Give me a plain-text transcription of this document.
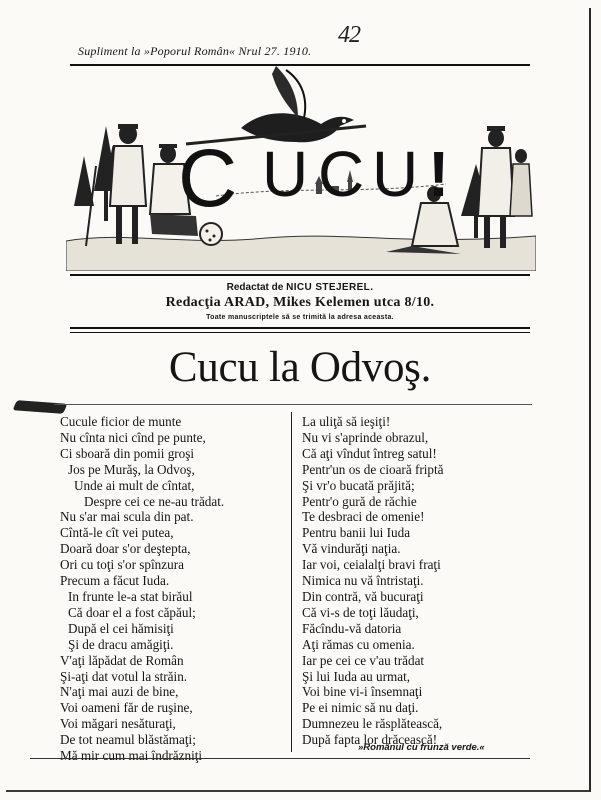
Supliment la »Poporul Român« Nrul 27. 1910.
42
C U C U !
Redactat de NICU STEJEREL.
Redacţia ARAD, Mikes Kelemen utca 8/10.
Toate manuscriptele să se trimită la adresa aceasta.
Cucu la Odvoş.
Cucule ficior de munte
Nu cînta nici cînd pe punte,
Ci sboară din pomii groşi
Jos pe Murăş, la Odvoş,
Unde ai mult de cîntat,
Despre cei ce ne-au trădat.
Nu s'ar mai scula din pat.
Cîntă-le cît vei putea,
Doară doar s'or deştepta,
Ori cu toţi s'or spînzura
Precum a făcut Iuda.
In frunte le-a stat birăul
Că doar el a fost căpăul;
După el cei hămisiţi
Şi de dracu amăgiţi.
V'aţi lăpădat de Român
Şi-aţi dat votul la străin.
N'aţi mai auzi de bine,
Voi oameni făr de ruşine,
Voi măgari nesăturaţi,
De tot neamul blăstămaţi;
Mă mir cum mai îndrăzniţi
La uliţă să ieşiţi!
Nu vi s'aprinde obrazul,
Că aţi vîndut întreg satul!
Pentr'un os de cioară friptă
Şi vr'o bucată prăjită;
Pentr'o gură de răchie
Te desbraci de omenie!
Pentru banii lui Iuda
Vă vindurăţi naţia.
Iar voi, ceialalţi bravi fraţi
Nimica nu vă întristaţi.
Din contră, vă bucuraţi
Că vi-s de toţi lăudaţi,
Făcîndu-vă datoria
Aţi rămas cu omenia.
Iar pe cei ce v'au trădat
Şi lui Iuda au urmat,
Voi bine vi-i însemnaţi
Pe ei nimic să nu daţi.
Dumnezeu le răsplătească,
După fapta lor drăcească!
»Românul cu frunză verde.«
